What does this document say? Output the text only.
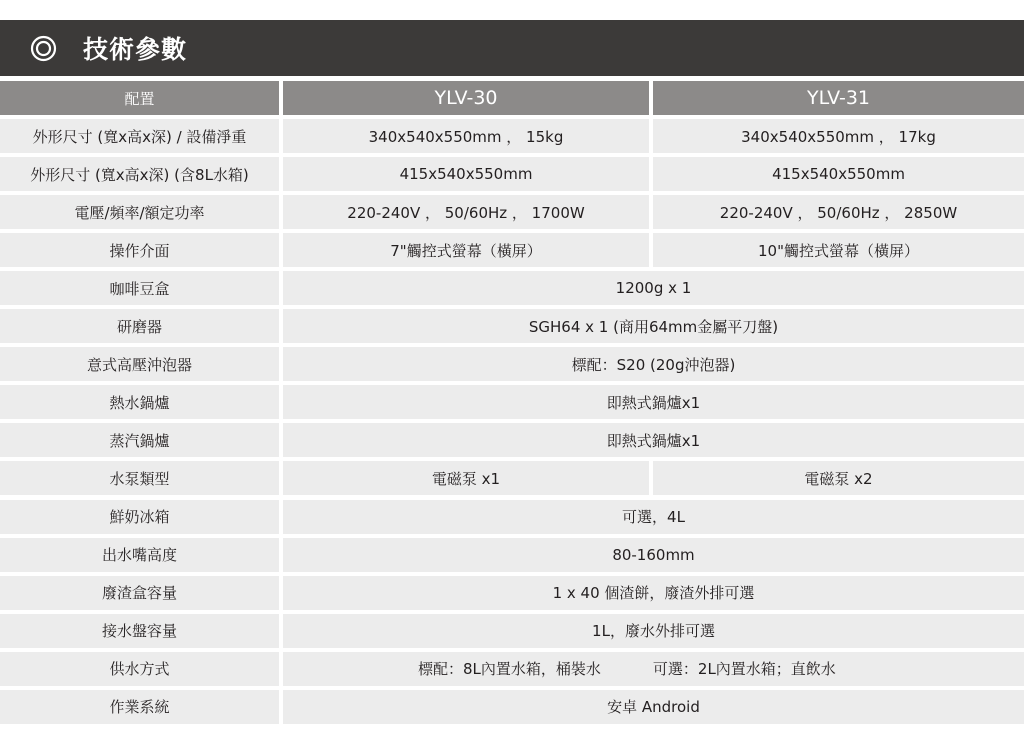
技術參數
配置	YLV-30	YLV-31
外形尺寸 (寬x高x深) / 設備淨重	340x540x550mm ， 15kg	340x540x550mm ， 17kg
外形尺寸 (寬x高x深) (含8L水箱)	415x540x550mm	415x540x550mm
電壓/頻率/額定功率	220-240V ， 50/60Hz ， 1700W	220-240V ， 50/60Hz ， 2850W
操作介面	7"觸控式螢幕（橫屏）	10"觸控式螢幕（橫屏）
咖啡豆盒	1200g x 1
研磨器	SGH64 x 1 (商用64mm金屬平刀盤)
意式高壓沖泡器	標配：S20 (20g沖泡器)
熱水鍋爐	即熱式鍋爐x1
蒸汽鍋爐	即熱式鍋爐x1
水泵類型	電磁泵 x1	電磁泵 x2
鮮奶冰箱	可選，4L
出水嘴高度	80-160mm
廢渣盒容量	1 x 40 個渣餅，廢渣外排可選
接水盤容量	1L，廢水外排可選
供水方式	標配：8L內置水箱，桶裝水	可選：2L內置水箱；直飲水
作業系統	安卓 Android
